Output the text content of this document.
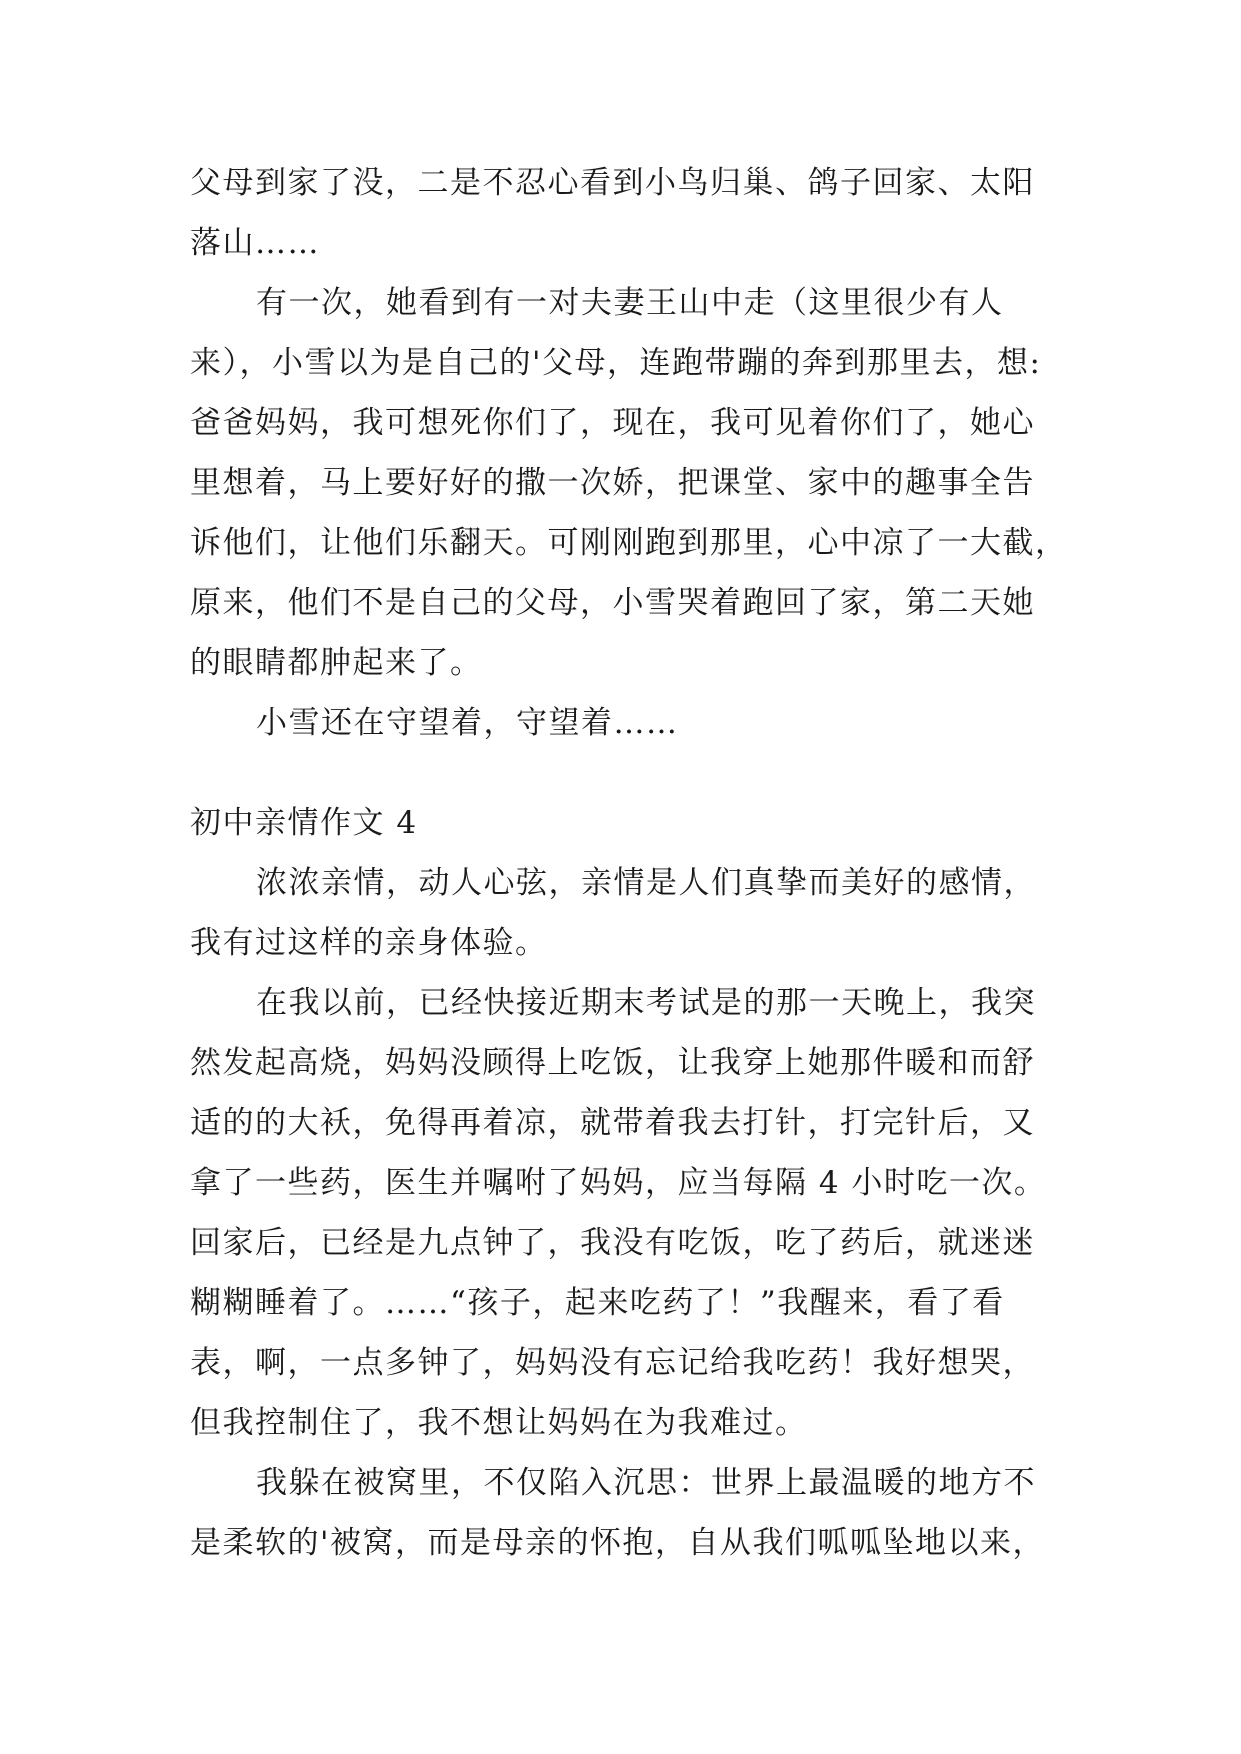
父母到家了没，二是不忍心看到小鸟归巢、鸽子回家、太阳
落山……
有一次，她看到有一对夫妻王山中走（这里很少有人
来），小雪以为是自己的'父母，连跑带蹦的奔到那里去，想:
爸爸妈妈，我可想死你们了，现在，我可见着你们了，她心
里想着，马上要好好的撒一次娇，把课堂、家中的趣事全告
诉他们，让他们乐翻天。可刚刚跑到那里，心中凉了一大截，
原来，他们不是自己的父母，小雪哭着跑回了家，第二天她
的眼睛都肿起来了。
小雪还在守望着，守望着……
初中亲情作文 4
浓浓亲情，动人心弦，亲情是人们真挚而美好的感情，
我有过这样的亲身体验。
在我以前，已经快接近期末考试是的那一天晚上，我突
然发起高烧，妈妈没顾得上吃饭，让我穿上她那件暖和而舒
适的的大袄，免得再着凉，就带着我去打针，打完针后，又
拿了一些药，医生并嘱咐了妈妈，应当每隔 4 小时吃一次。
回家后，已经是九点钟了，我没有吃饭，吃了药后，就迷迷
糊糊睡着了。……“孩子，起来吃药了！”我醒来，看了看
表，啊，一点多钟了，妈妈没有忘记给我吃药！我好想哭，
但我控制住了，我不想让妈妈在为我难过。
我躲在被窝里，不仅陷入沉思：世界上最温暖的地方不
是柔软的'被窝，而是母亲的怀抱，自从我们呱呱坠地以来，
